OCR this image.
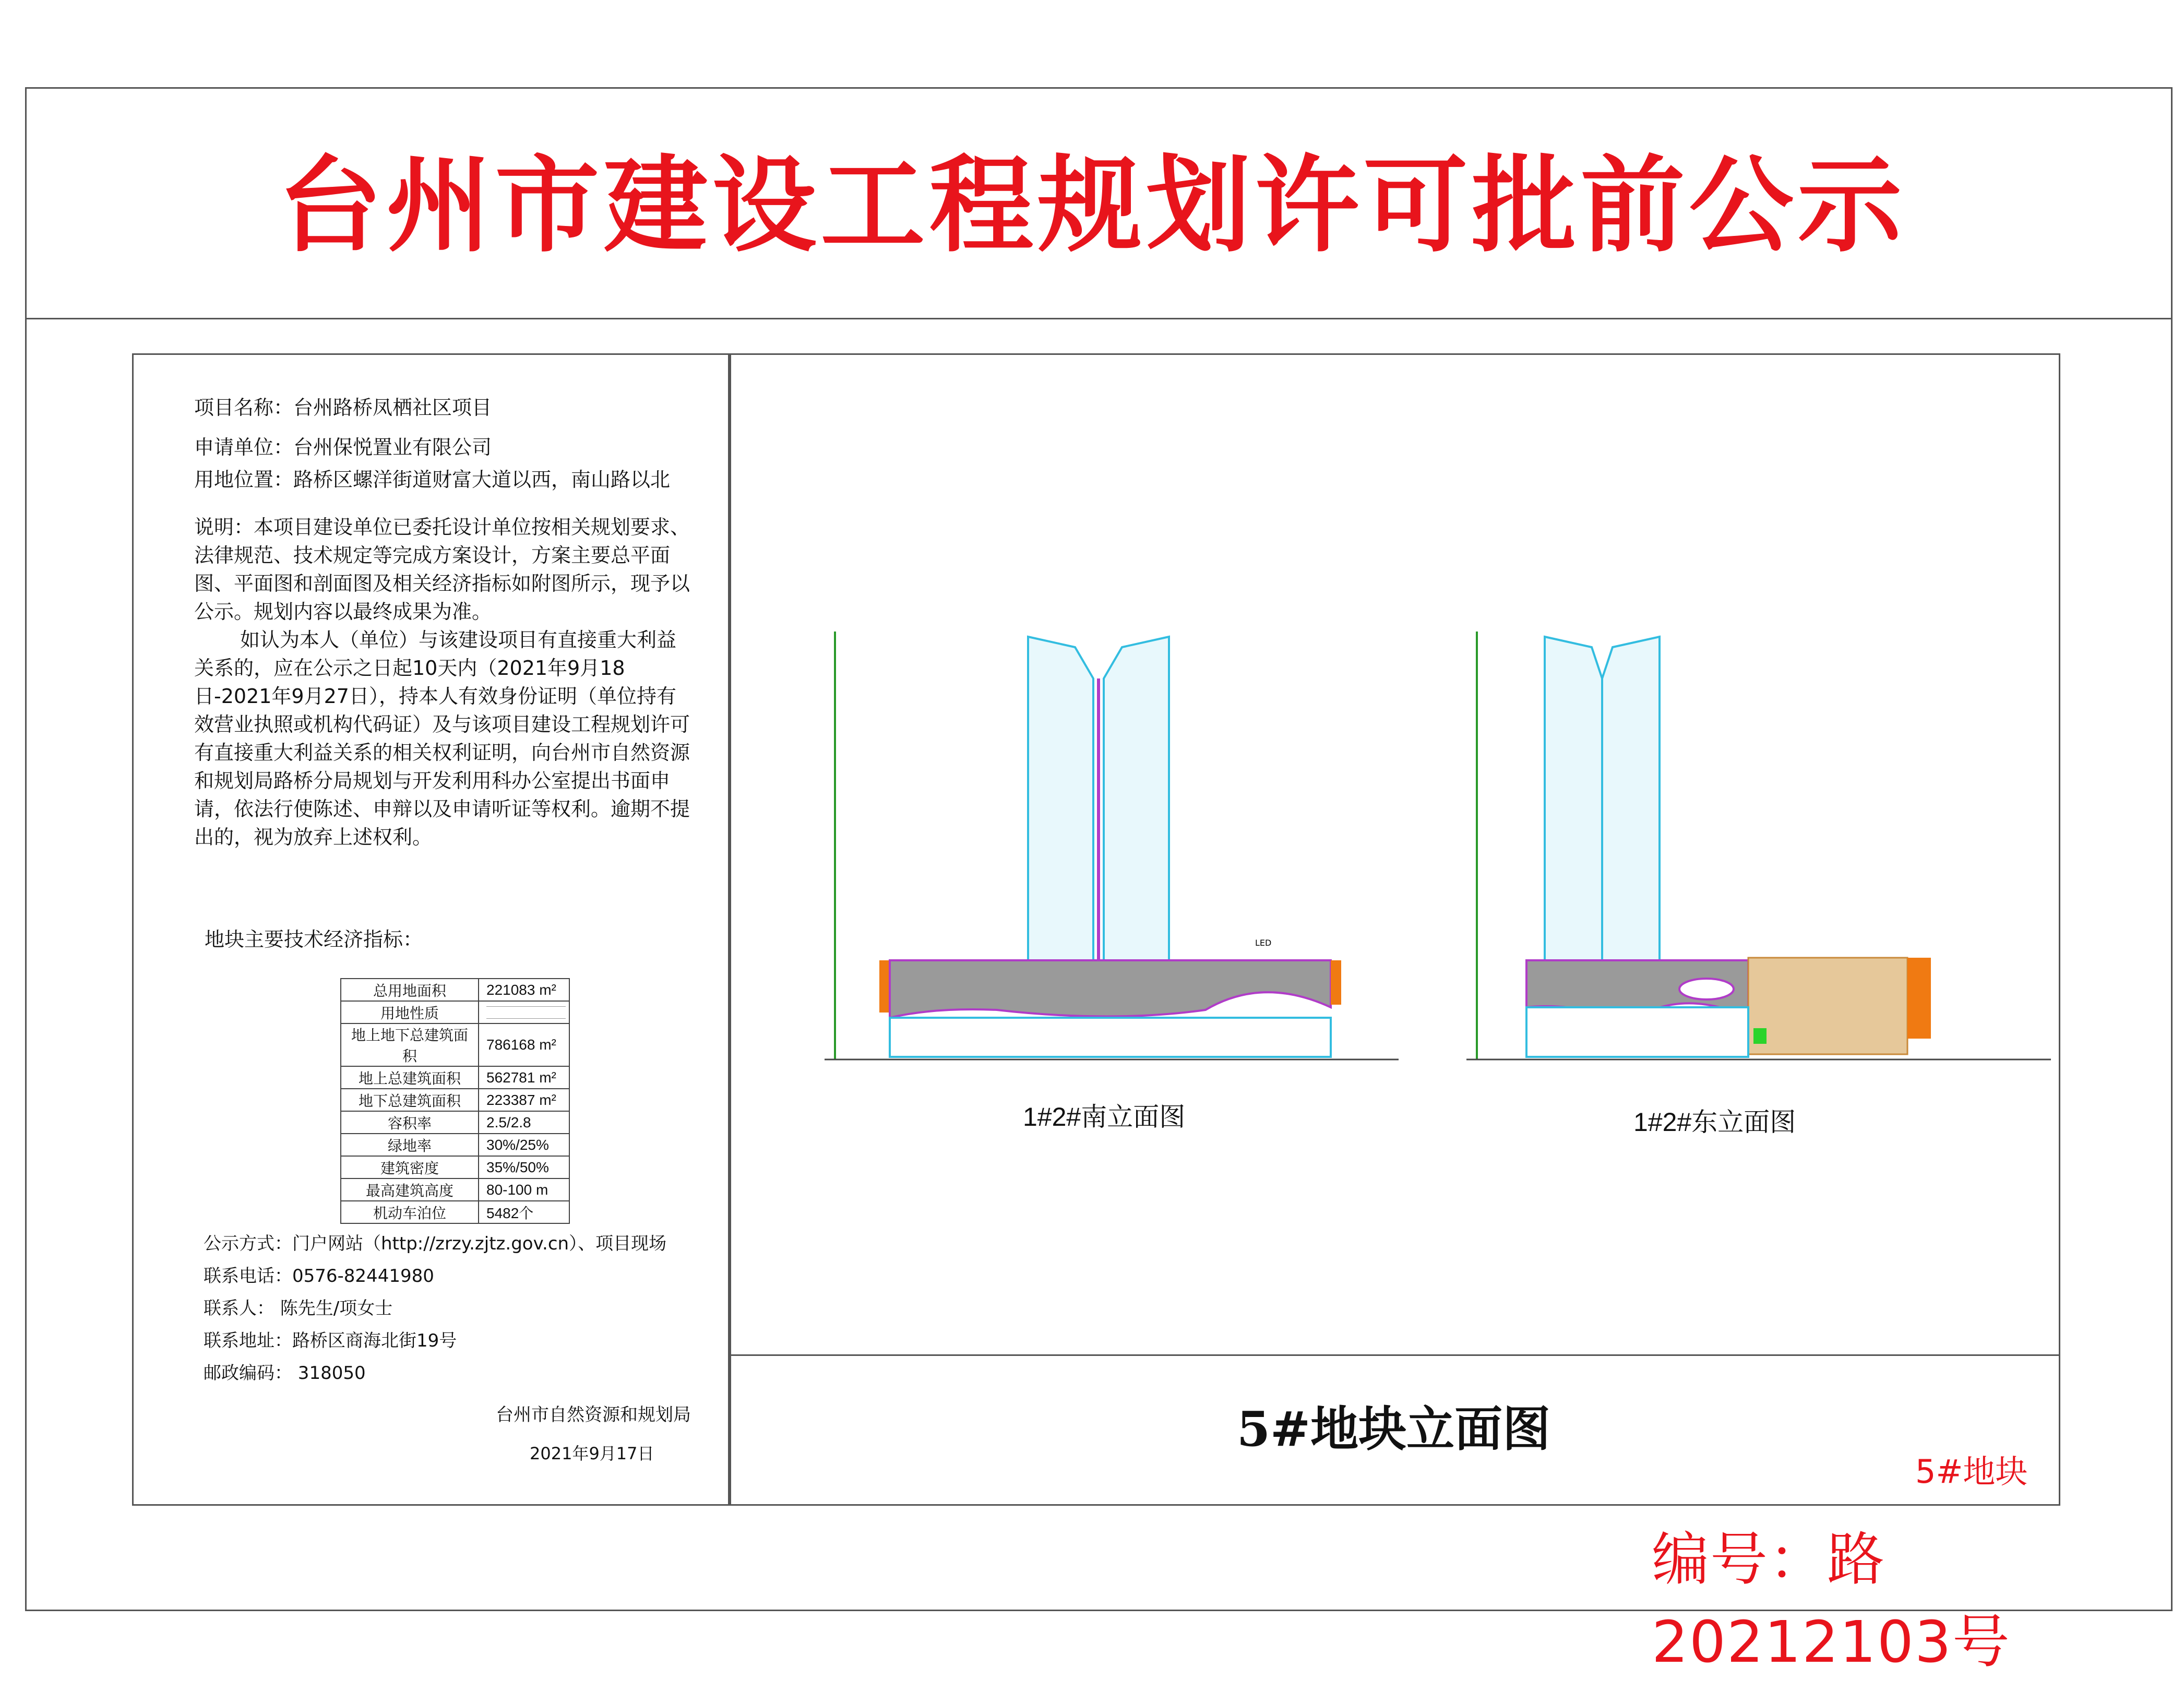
台州市建设工程规划许可批前公示

项目名称：台州路桥凤栖社区项目

申请单位：台州保悦置业有限公司

用地位置：路桥区螺洋街道财富大道以西，南山路以北

说明：本项目建设单位已委托设计单位按相关规划要求、法律规范、技术规定等完成方案设计，方案主要总平面图、平面图和剖面图及相关经济指标如附图所示，现予以公示。规划内容以最终成果为准。

如认为本人（单位）与该建设项目有直接重大利益关系的，应在公示之日起10天内（2021年9月18日-2021年9月27日），持本人有效身份证明（单位持有效营业执照或机构代码证）及与该项目建设工程规划许可有直接重大利益关系的相关权利证明，向台州市自然资源和规划局路桥分局规划与开发利用科办公室提出书面申请，依法行使陈述、申辩以及申请听证等权利。逾期不提出的，视为放弃上述权利。

地块主要技术经济指标：
总用地面积	221083 m²
用地性质	

地上地下总建筑面积	786168 m²
地上总建筑面积	562781 m²
地下总建筑面积	223387 m²
容积率	2.5/2.8
绿地率	30%/25%
建筑密度	35%/50%
最高建筑高度	80-100 m
机动车泊位	5482个
公示方式：门户网站（http://zrzy.zjtz.gov.cn）、项目现场
联系电话：0576-82441980
联系人： 陈先生/项女士
联系地址：路桥区商海北街19号
邮政编码： 318050
台州市自然资源和规划局
2021年9月17日
LED
1#2#南立面图	1#2#东立面图
5#地块立面图
5#地块
编号：路20212103号
